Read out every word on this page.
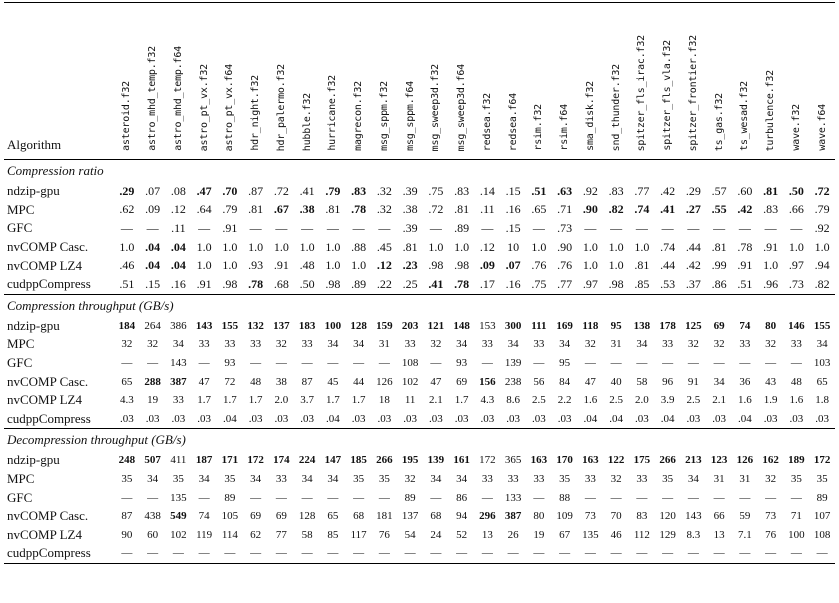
Algorithm	asteroid.f32	astro_mhd_temp.f32	astro_mhd_temp.f64	astro_pt_vx.f32	astro_pt_vx.f64	hdr_night.f32	hdr_palermo.f32	hubble.f32	hurricane.f32	magrecon.f32	msg_sppm.f32	msg_sppm.f64	msg_sweep3d.f32	msg_sweep3d.f64	redsea.f32	redsea.f64	rsim.f32	rsim.f64	sma_disk.f32	snd_thunder.f32	spitzer_fls_irac.f32	spitzer_fls_vla.f32	spitzer_frontier.f32	ts_gas.f32	ts_wesad.f32	turbulence.f32	wave.f32	wave.f64
Compression ratio																												
ndzip-gpu	.29	.07	.08	.47	.70	.87	.72	.41	.79	.83	.32	.39	.75	.83	.14	.15	.51	.63	.92	.83	.77	.42	.29	.57	.60	.81	.50	.72
MPC	.62	.09	.12	.64	.79	.81	.67	.38	.81	.78	.32	.38	.72	.81	.11	.16	.65	.71	.90	.82	.74	.41	.27	.55	.42	.83	.66	.79
GFC	—	—	.11	—	.91	—	—	—	—	—	—	.39	—	.89	—	.15	—	.73	—	—	—	—	—	—	—	—	—	.92
nvCOMP Casc.	1.0	.04	.04	1.0	1.0	1.0	1.0	1.0	1.0	.88	.45	.81	1.0	1.0	.12	10	1.0	.90	1.0	1.0	1.0	.74	.44	.81	.78	.91	1.0	1.0
nvCOMP LZ4	.46	.04	.04	1.0	1.0	.93	.91	.48	1.0	1.0	.12	.23	.98	.98	.09	.07	.76	.76	1.0	1.0	.81	.44	.42	.99	.91	1.0	.97	.94
cudppCompress	.51	.15	.16	.91	.98	.78	.68	.50	.98	.89	.22	.25	.41	.78	.17	.16	.75	.77	.97	.98	.85	.53	.37	.86	.51	.96	.73	.82
Compression throughput (GB/s)																												
ndzip-gpu	184	264	386	143	155	132	137	183	100	128	159	203	121	148	153	300	111	169	118	95	138	178	125	69	74	80	146	155
MPC	32	32	34	33	33	33	32	33	34	34	31	33	32	34	33	34	33	34	32	31	34	33	32	32	33	32	33	34
GFC	—	—	143	—	93	—	—	—	—	—	—	108	—	93	—	139	—	95	—	—	—	—	—	—	—	—	—	103
nvCOMP Casc.	65	288	387	47	72	48	38	87	45	44	126	102	47	69	156	238	56	84	47	40	58	96	91	34	36	43	48	65
nvCOMP LZ4	4.3	19	33	1.7	1.7	1.7	2.0	3.7	1.7	1.7	18	11	2.1	1.7	4.3	8.6	2.5	2.2	1.6	2.5	2.0	3.9	2.5	2.1	1.6	1.9	1.6	1.8
cudppCompress	.03	.03	.03	.03	.04	.03	.03	.03	.04	.03	.03	.03	.03	.03	.03	.03	.03	.03	.04	.04	.03	.04	.03	.03	.04	.03	.03	.03
Decompression throughput (GB/s)																												
ndzip-gpu	248	507	411	187	171	172	174	224	147	185	266	195	139	161	172	365	163	170	163	122	175	266	213	123	126	162	189	172
MPC	35	34	35	34	35	34	33	34	34	35	35	32	34	34	33	33	33	35	33	32	33	35	34	31	31	32	35	35
GFC	—	—	135	—	89	—	—	—	—	—	—	89	—	86	—	133	—	88	—	—	—	—	—	—	—	—	—	89
nvCOMP Casc.	87	438	549	74	105	69	69	128	65	68	181	137	68	94	296	387	80	109	73	70	83	120	143	66	59	73	71	107
nvCOMP LZ4	90	60	102	119	114	62	77	58	85	117	76	54	24	52	13	26	19	67	135	46	112	129	8.3	13	7.1	76	100	108
cudppCompress	—	—	—	—	—	—	—	—	—	—	—	—	—	—	—	—	—	—	—	—	—	—	—	—	—	—	—	—
